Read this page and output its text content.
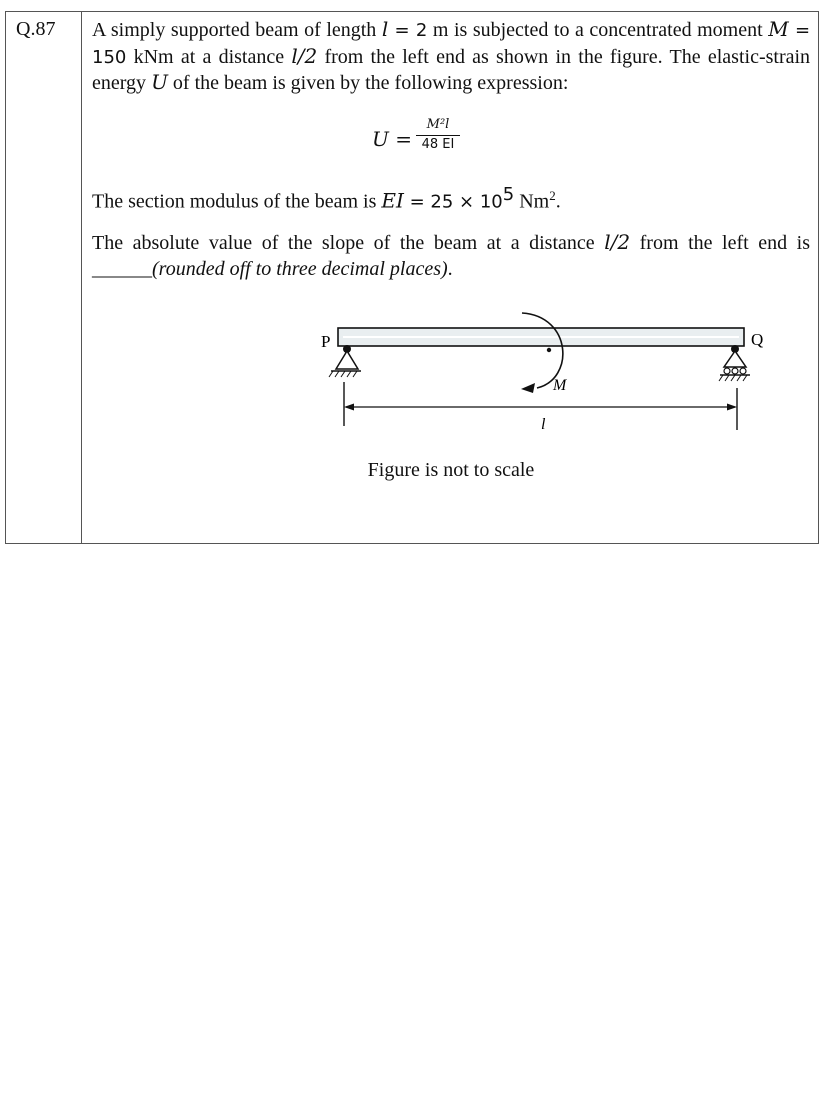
Q.87 A simply supported beam of length l = 2 m is subjected to a concentrated moment M = 150 kNm at a distance l/2 from the left end as shown in the figure. The elastic-strain energy U of the beam is given by the following expression:

U =
M²l
48 EI

The section modulus of the beam is EI = $25 \times 10^5$ Nm$^2$.

The absolute value of the slope of the beam at a distance l/2 from the left end is ______(rounded off to three decimal places).

P	Q
M
l
Figure is not to scale
